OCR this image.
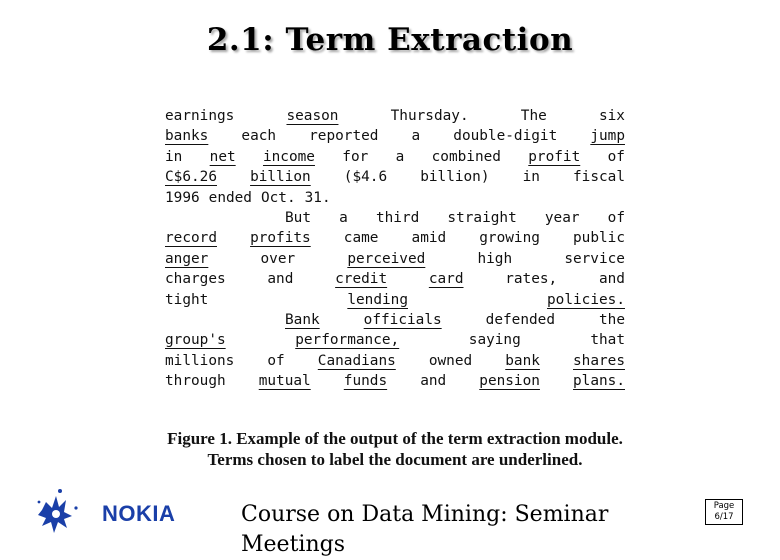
2.1: Term Extraction
earnings	season	Thursday.	The	six
banks each reported a double-digit jump
in net income for a combined profit of
C$6.26 billion ($4.6 billion) in fiscal
1996 ended Oct. 31.
But a third straight year of
record profits came amid growing public
anger	over	perceived	high	service
charges	and	credit	card	rates,	and
tight	lending	policies.
Bank	officials	defended	the
group's	performance,	saying	that
millions of Canadians owned bank shares
through mutual funds and pension plans.
Figure 1. Example of the output of the term extraction module. Terms chosen to label the document are underlined.
NOKIA	Course on Data Mining: Seminar Meetings
Page
6/17
